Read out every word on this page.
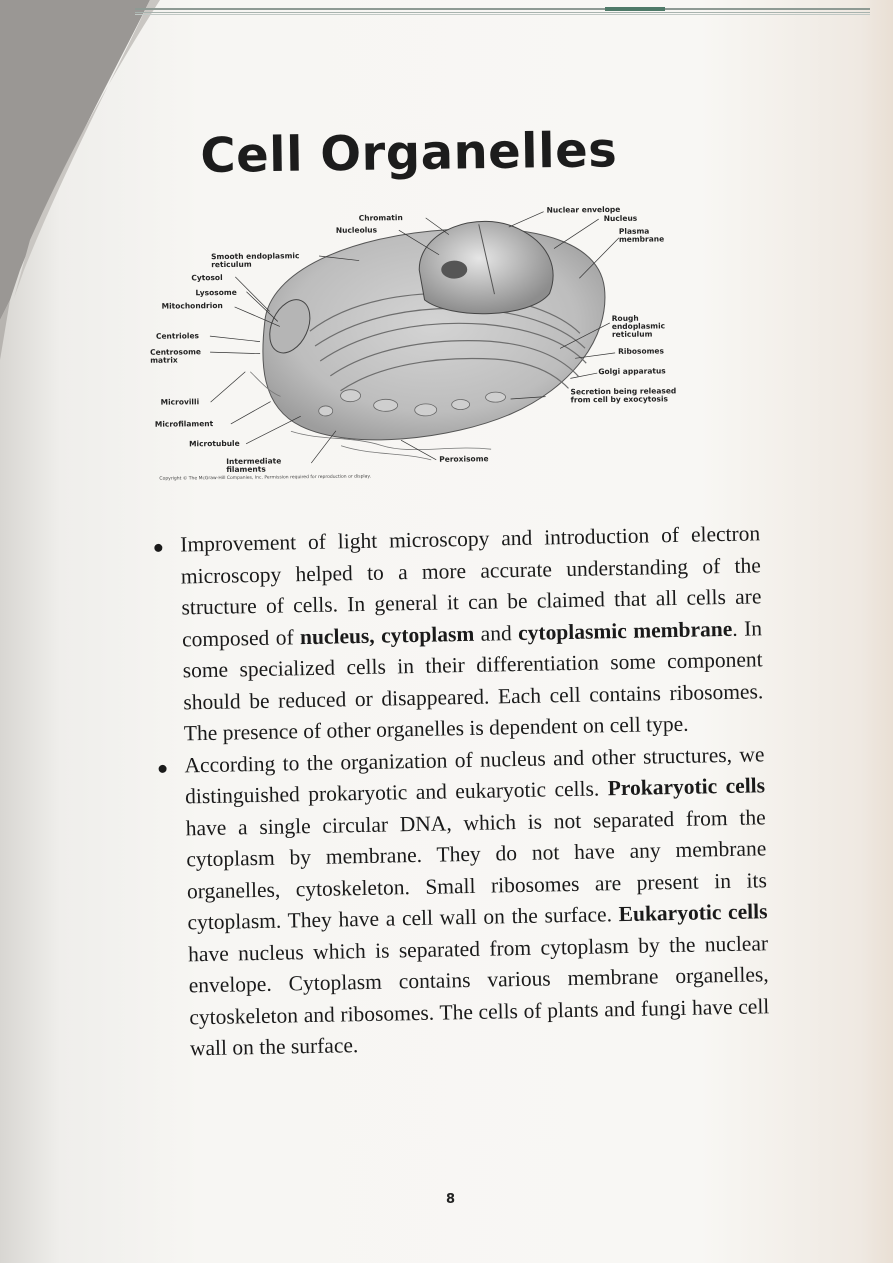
Cell Organelles
Chromatin
Nucleolus
Smooth endoplasmic
reticulum
Cytosol
Lysosome
Mitochondrion
Centrioles
Centrosome
matrix
Microvilli
Microfilament
Microtubule
Intermediate
filaments
Nuclear envelope
Nucleus
Plasma
membrane
Rough
endoplasmic
reticulum
Ribosomes
Golgi apparatus
Secretion being released
from cell by exocytosis
Peroxisome
Copyright © The McGraw-Hill Companies, Inc. Permission required for reproduction or display.

Improvement of light microscopy and introduction of electron microscopy helped to a more accurate understanding of the structure of cells. In general it can be claimed that all cells are composed of nucleus, cytoplasm and cytoplasmic membrane. In some specialized cells in their differentiation some component should be reduced or disappeared. Each cell contains ribosomes. The presence of other organelles is dependent on cell type.

According to the organization of nucleus and other structures, we distinguished prokaryotic and eukaryotic cells. Prokaryotic cells have a single circular DNA, which is not separated from the cytoplasm by membrane. They do not have any membrane organelles, cytoskeleton. Small ribosomes are present in its cytoplasm. They have a cell wall on the surface. Eukaryotic cells have nucleus which is separated from cytoplasm by the nuclear envelope. Cytoplasm contains various membrane organelles, cytoskeleton and ribosomes. The cells of plants and fungi have cell wall on the surface.

8
